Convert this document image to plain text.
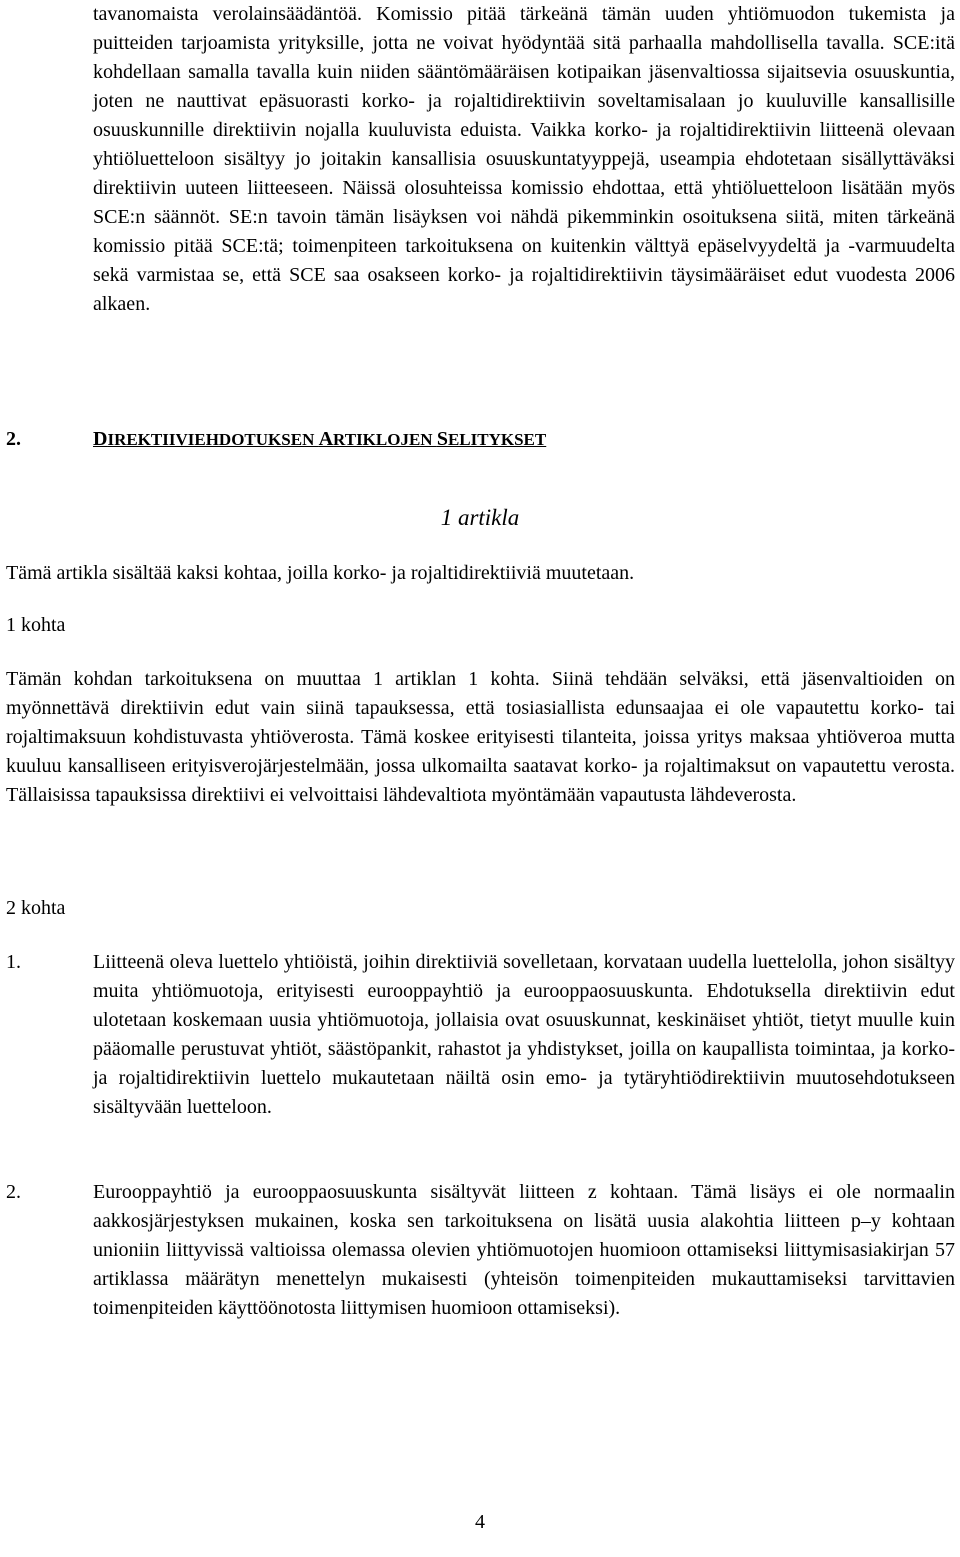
tavanomaista verolainsäädäntöä. Komissio pitää tärkeänä tämän uuden yhtiömuodon tukemista ja puitteiden tarjoamista yrityksille, jotta ne voivat hyödyntää sitä parhaalla mahdollisella tavalla. SCE:itä kohdellaan samalla tavalla kuin niiden sääntömääräisen kotipaikan jäsenvaltiossa sijaitsevia osuuskuntia, joten ne nauttivat epäsuorasti korko- ja rojaltidirektiivin soveltamisalaan jo kuuluville kansallisille osuuskunnille direktiivin nojalla kuuluvista eduista. Vaikka korko- ja rojaltidirektiivin liitteenä olevaan yhtiöluetteloon sisältyy jo joitakin kansallisia osuuskuntatyyppejä, useampia ehdotetaan sisällyttäväksi direktiivin uuteen liitteeseen. Näissä olosuhteissa komissio ehdottaa, että yhtiöluetteloon lisätään myös SCE:n säännöt. SE:n tavoin tämän lisäyksen voi nähdä pikemminkin osoituksena siitä, miten tärkeänä komissio pitää SCE:tä; toimenpiteen tarkoituksena on kuitenkin välttyä epäselvyydeltä ja -varmuudelta sekä varmistaa se, että SCE saa osakseen korko- ja rojaltidirektiivin täysimääräiset edut vuodesta 2006 alkaen.

2.	DIREKTIIVIEHDOTUKSEN ARTIKLOJEN SELITYKSET
1 artikla

Tämä artikla sisältää kaksi kohtaa, joilla korko- ja rojaltidirektiiviä muutetaan.

1 kohta

Tämän kohdan tarkoituksena on muuttaa 1 artiklan 1 kohta. Siinä tehdään selväksi, että jäsenvaltioiden on myönnettävä direktiivin edut vain siinä tapauksessa, että tosiasiallista edunsaajaa ei ole vapautettu korko- tai rojaltimaksuun kohdistuvasta yhtiöverosta. Tämä koskee erityisesti tilanteita, joissa yritys maksaa yhtiöveroa mutta kuuluu kansalliseen erityisverojärjestelmään, jossa ulkomailta saatavat korko- ja rojaltimaksut on vapautettu verosta. Tällaisissa tapauksissa direktiivi ei velvoittaisi lähdevaltiota myöntämään vapautusta lähdeverosta.

2 kohta
1.	Liitteenä oleva luettelo yhtiöistä, joihin direktiiviä sovelletaan, korvataan uudella luettelolla, johon sisältyy muita yhtiömuotoja, erityisesti eurooppayhtiö ja eurooppaosuuskunta. Ehdotuksella direktiivin edut ulotetaan koskemaan uusia yhtiömuotoja, jollaisia ovat osuuskunnat, keskinäiset yhtiöt, tietyt muulle kuin pääomalle perustuvat yhtiöt, säästöpankit, rahastot ja yhdistykset, joilla on kaupallista toimintaa, ja korko- ja rojaltidirektiivin luettelo mukautetaan näiltä osin emo- ja tytäryhtiödirektiivin muutosehdotukseen sisältyvään luetteloon.

2.	Eurooppayhtiö ja eurooppaosuuskunta sisältyvät liitteen z kohtaan. Tämä lisäys ei ole normaalin aakkosjärjestyksen mukainen, koska sen tarkoituksena on lisätä uusia alakohtia liitteen p–y kohtaan unioniin liittyvissä valtioissa olemassa olevien yhtiömuotojen huomioon ottamiseksi liittymisasiakirjan 57 artiklassa määrätyn menettelyn mukaisesti (yhteisön toimenpiteiden mukauttamiseksi tarvittavien toimenpiteiden käyttöönotosta liittymisen huomioon ottamiseksi).

4
